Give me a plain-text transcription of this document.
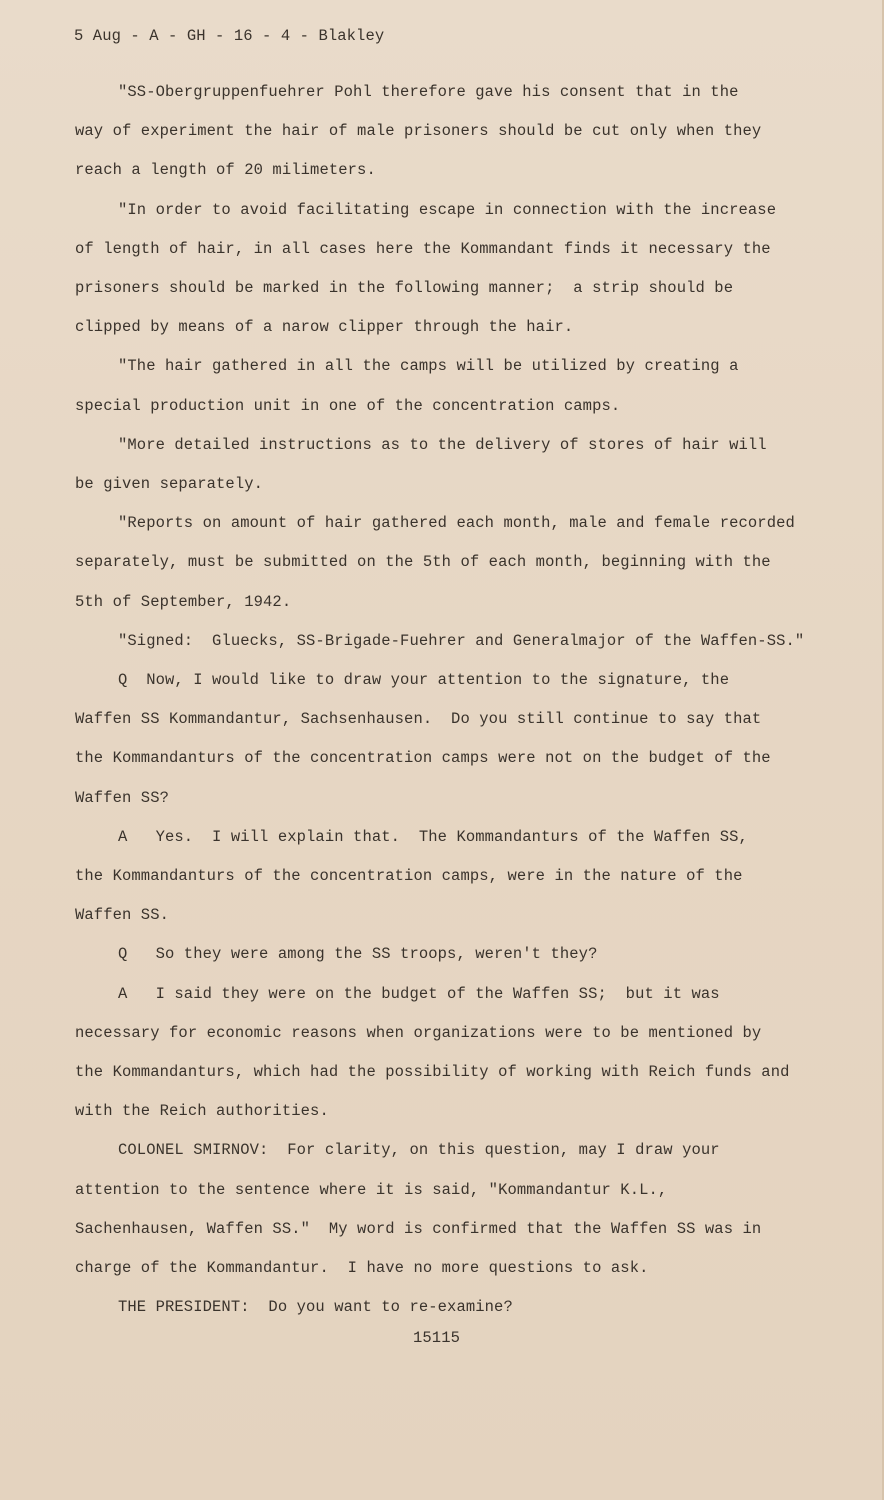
5 Aug - A - GH - 16 - 4 - Blakley
"SS-Obergruppenfuehrer Pohl therefore gave his consent that in the
way of experiment the hair of male prisoners should be cut only when they
reach a length of 20 milimeters.
"In order to avoid facilitating escape in connection with the increase
of length of hair, in all cases here the Kommandant finds it necessary the
prisoners should be marked in the following manner;  a strip should be
clipped by means of a narow clipper through the hair.
"The hair gathered in all the camps will be utilized by creating a
special production unit in one of the concentration camps.
"More detailed instructions as to the delivery of stores of hair will
be given separately.
"Reports on amount of hair gathered each month, male and female recorded
separately, must be submitted on the 5th of each month, beginning with the
5th of September, 1942.
"Signed:  Gluecks, SS-Brigade-Fuehrer and Generalmajor of the Waffen-SS."
Q  Now, I would like to draw your attention to the signature, the
Waffen SS Kommandantur, Sachsenhausen.  Do you still continue to say that
the Kommandanturs of the concentration camps were not on the budget of the
Waffen SS?
A   Yes.  I will explain that.  The Kommandanturs of the Waffen SS,
the Kommandanturs of the concentration camps, were in the nature of the
Waffen SS.
Q   So they were among the SS troops, weren't they?
A   I said they were on the budget of the Waffen SS;  but it was
necessary for economic reasons when organizations were to be mentioned by
the Kommandanturs, which had the possibility of working with Reich funds and
with the Reich authorities.
COLONEL SMIRNOV:  For clarity, on this question, may I draw your
attention to the sentence where it is said, "Kommandantur K.L.,
Sachenhausen, Waffen SS."  My word is confirmed that the Waffen SS was in
charge of the Kommandantur.  I have no more questions to ask.
THE PRESIDENT:  Do you want to re-examine?
15115
